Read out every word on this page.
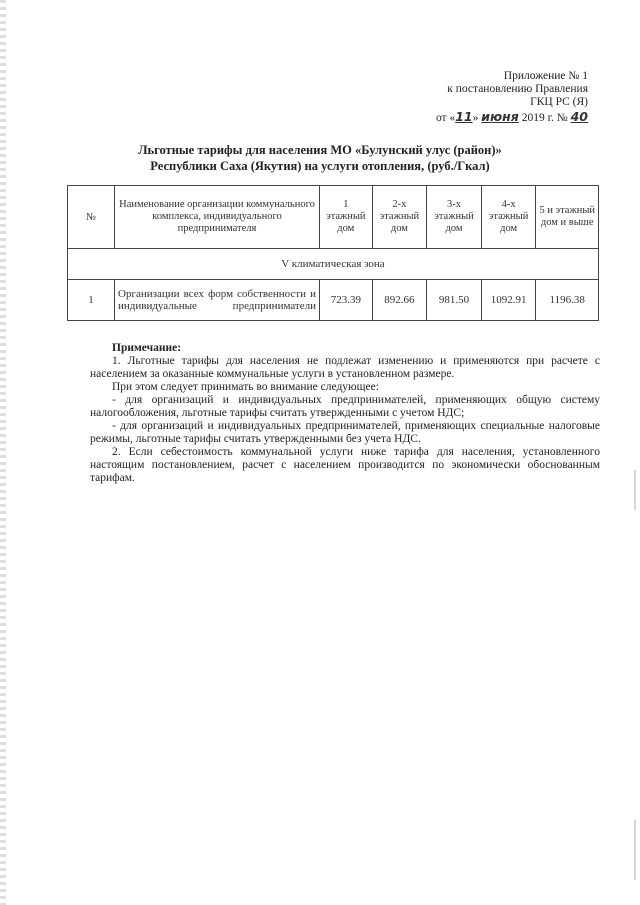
Приложение № 1
к постановлению Правления
ГКЦ РС (Я)
от «11» июня 2019 г. № 40
Льготные тарифы для населения МО «Булунский улус (район)»
Республики Саха (Якутия) на услуги отопления, (руб./Гкал)
№	Наименование организации коммунального комплекса, индивидуального предпринимателя	1 этажный дом	2-х этажный дом	3-х этажный дом	4-х этажный дом	5 и этажный дом и выше
V климатическая зона						
1	Организации всех форм собственности и индивидуальные предприниматели	723.39	892.66	981.50	1092.91	1196.38

Примечание:

1. Льготные тарифы для населения не подлежат изменению и применяются при расчете с населением за оказанные коммунальные услуги в установленном размере.

При этом следует принимать во внимание следующее:

- для организаций и индивидуальных предпринимателей, применяющих общую систему налогообложения, льготные тарифы считать утвержденными с учетом НДС;

- для организаций и индивидуальных предпринимателей, применяющих специальные налоговые режимы, льготные тарифы считать утвержденными без учета НДС.

2. Если себестоимость коммунальной услуги ниже тарифа для населения, установленного настоящим постановлением, расчет с населением производится по экономически обоснованным тарифам.
